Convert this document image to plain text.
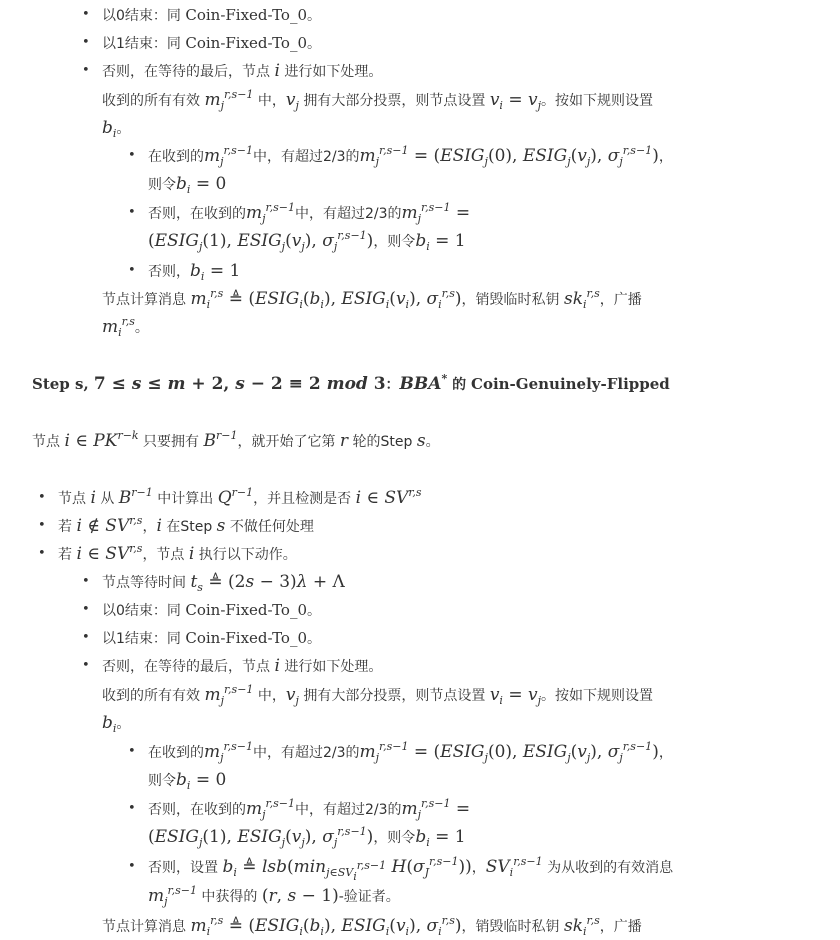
• 以0结束：同 Coin-Fixed-To_0。
• 以1结束：同 Coin-Fixed-To_0。
• 否则，在等待的最后，节点 i 进行如下处理。
收到的所有有效 $m_j^{r,s-1}$ 中，$v_j$ 拥有大部分投票，则节点设置 $v_i = v_j$。按如下规则设置
$b_i$。
• 在收到的$m_j^{r,s-1}$中，有超过2/3的$m_j^{r,s-1}$ = ($ESIG_j(0)$, $ESIG_j(v_j)$, $\sigma_j^{r,s-1}$)，
则令$b_i = 0$
• 否则，在收到的$m_j^{r,s-1}$中，有超过2/3的$m_j^{r,s-1}$ =
($ESIG_j(1)$, $ESIG_j(v_j)$, $\sigma_j^{r,s-1}$)，则令$b_i = 1$
• 否则，$b_i = 1$
节点计算消息 $m_i^{r,s}$ ≜ ($ESIG_i(b_i)$, $ESIG_i(v_i)$, $\sigma_i^{r,s}$)，销毁临时私钥 $sk_i^{r,s}$，广播
$m_i^{r,s}$。
Step s, 7 ≤ s ≤ m + 2, s − 2 ≡ 2 mod 3：BBA* 的 Coin-Genuinely-Flipped
节点 i ∈ $PK^{r-k}$ 只要拥有 $B^{r-1}$，就开始了它第 r 轮的Step s。
• 节点 i 从 $B^{r-1}$ 中计算出 $Q^{r-1}$，并且检测是否 i ∈ SV$^{r,s}$
• 若 i ∉ SV$^{r,s}$，i 在Step s 不做任何处理
• 若 i ∈ SV$^{r,s}$，节点 i 执行以下动作。
• 节点等待时间 $t_s$ ≜ (2s − 3)λ + Λ
• 以0结束：同 Coin-Fixed-To_0。
• 以1结束：同 Coin-Fixed-To_0。
• 否则，在等待的最后，节点 i 进行如下处理。
收到的所有有效 $m_j^{r,s-1}$ 中，$v_j$ 拥有大部分投票，则节点设置 $v_i = v_j$。按如下规则设置
$b_i$。
• 在收到的$m_j^{r,s-1}$中，有超过2/3的$m_j^{r,s-1}$ = ($ESIG_j(0)$, $ESIG_j(v_j)$, $\sigma_j^{r,s-1}$)，
则令$b_i = 0$
• 否则，在收到的$m_j^{r,s-1}$中，有超过2/3的$m_j^{r,s-1}$ =
($ESIG_j(1)$, $ESIG_j(v_j)$, $\sigma_j^{r,s-1}$)，则令$b_i = 1$
• 否则，设置 $b_i$ ≜ $lsb(\min_{j\in SV_i^{r,s-1}}$ $H(\sigma_J^{r,s-1})$)，$SV_i^{r,s-1}$ 为从收到的有效消息
$m_j^{r,s-1}$ 中获得的 (r, s − 1)-验证者。
节点计算消息 $m_i^{r,s}$ ≜ ($ESIG_i(b_i)$, $ESIG_i(v_i)$, $\sigma_i^{r,s}$)，销毁临时私钥 $sk_i^{r,s}$，广播
